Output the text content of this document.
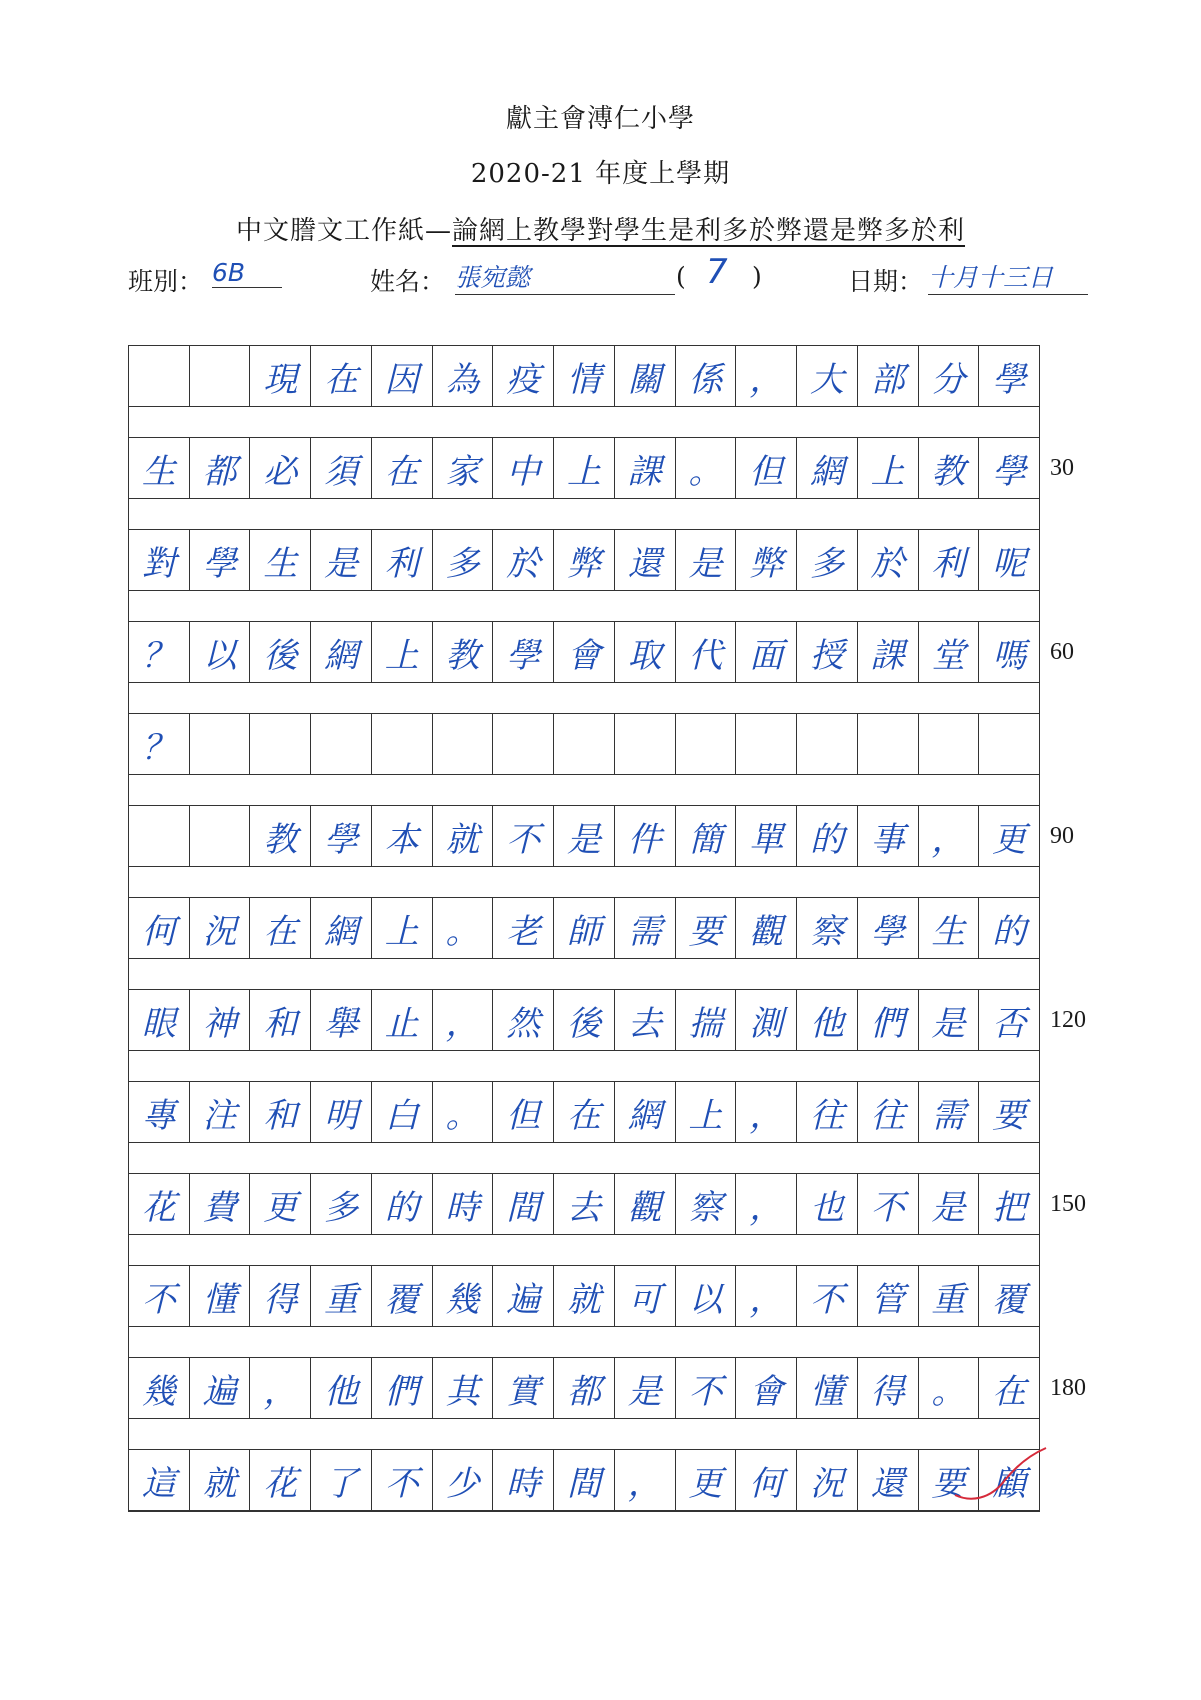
獻主會溥仁小學
2020-21 年度上學期
中文謄文工作紙—論網上教學對學生是利多於弊還是弊多於利
班別： 6B	姓名： 張宛懿	( 7 )	日期： 十月十三日
現 在 因 為 疫 情 關 係 ， 大 部 分 學
生 都 必 須 在 家 中 上 課 。 但 網 上 教 學 30
對 學 生 是 利 多 於 弊 還 是 弊 多 於 利 呢
？ 以 後 網 上 教 學 會 取 代 面 授 課 堂 嗎 60
？
教 學 本 就 不 是 件 簡 單 的 事 ， 更 90
何 況 在 網 上 。 老 師 需 要 觀 察 學 生 的
眼 神 和 舉 止 ， 然 後 去 揣 測 他 們 是 否 120
專 注 和 明 白 。 但 在 網 上 ， 往 往 需 要
花 費 更 多 的 時 間 去 觀 察 ， 也 不 是 把 150
不 懂 得 重 覆 幾 遍 就 可 以 ， 不 管 重 覆
幾 遍 ， 他 們 其 實 都 是 不 會 懂 得 。 在 180
這 就 花 了 不 少 時 間 ， 更 何 況 還 要 顧
